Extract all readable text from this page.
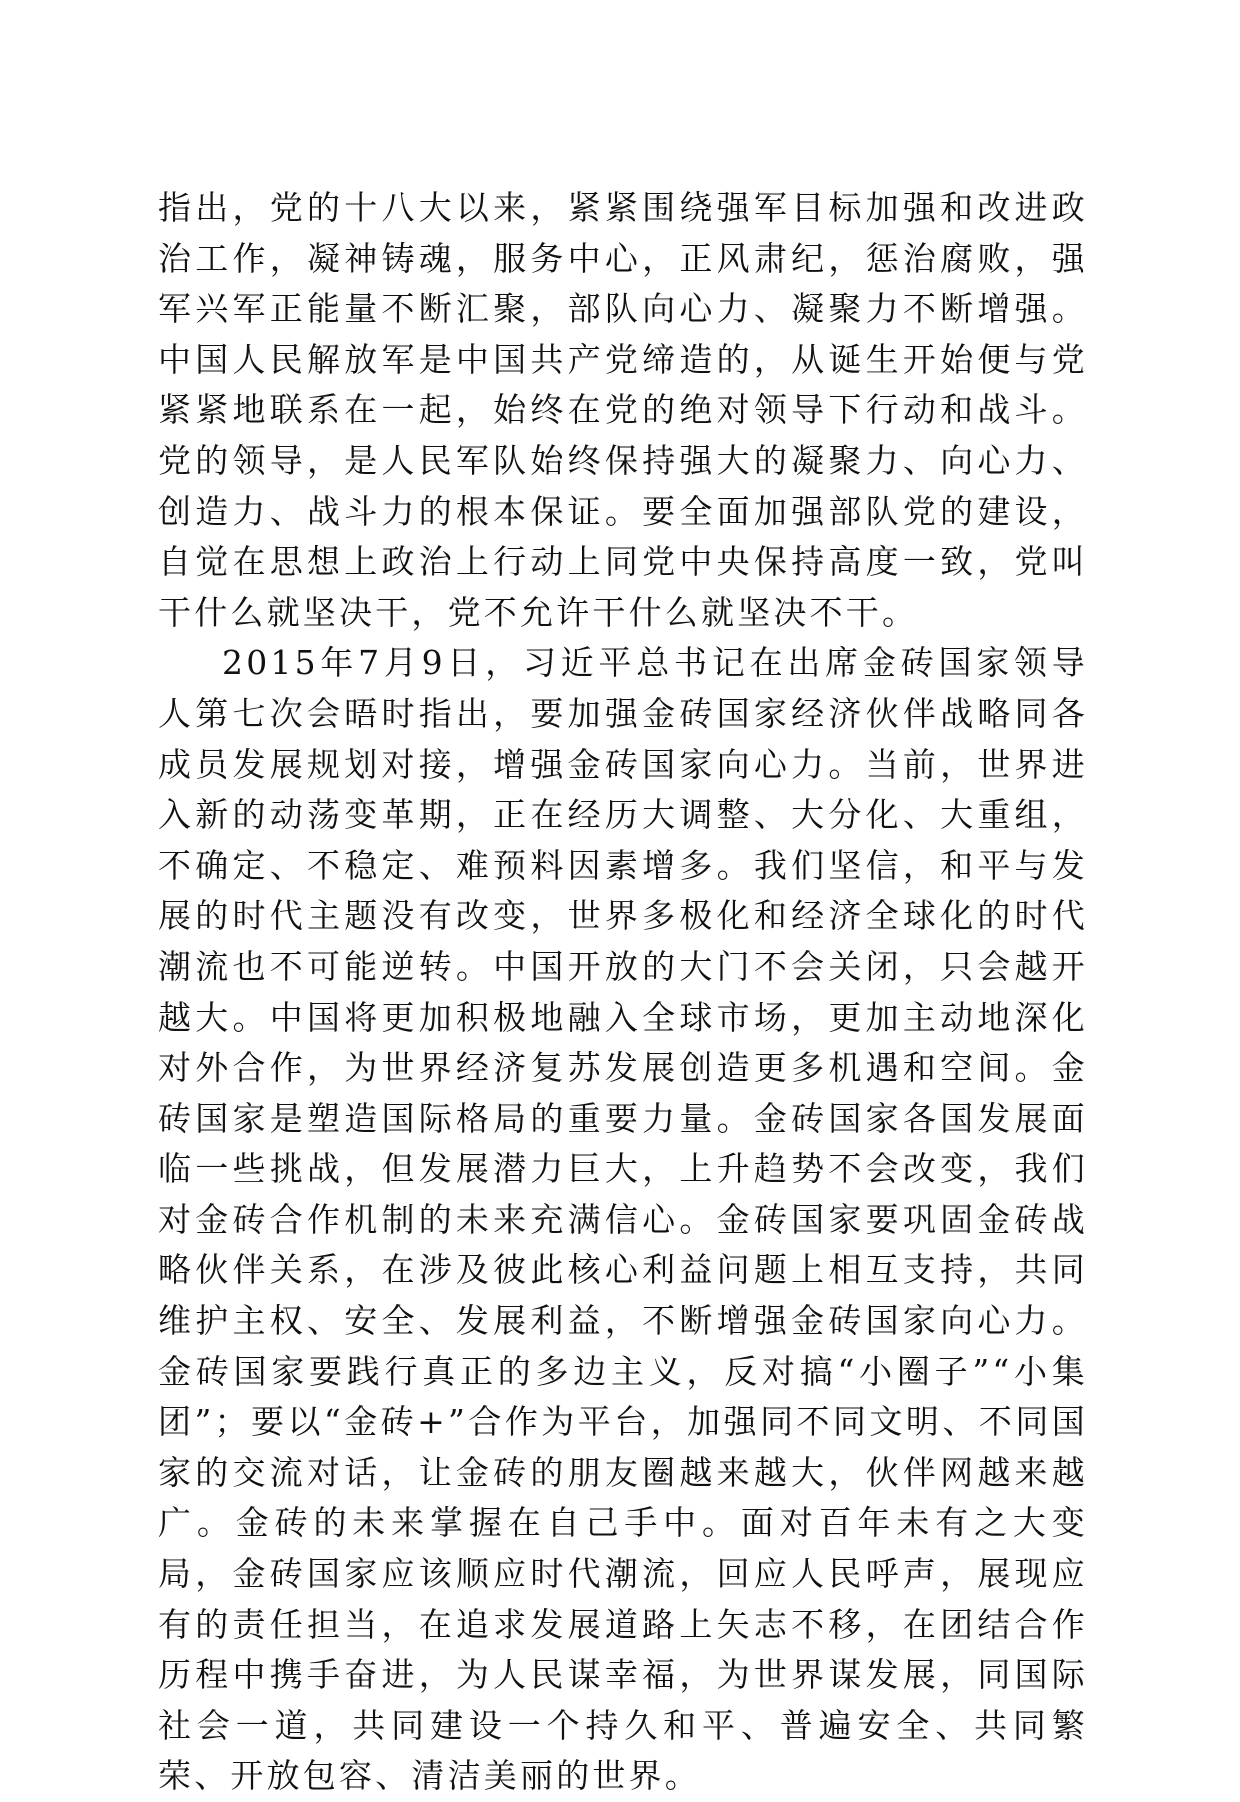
指出，党的十八大以来，紧紧围绕强军目标加强和改进政治工作，凝神铸魂，服务中心，正风肃纪，惩治腐败，强军兴军正能量不断汇聚，部队向心力、凝聚力不断增强。中国人民解放军是中国共产党缔造的，从诞生开始便与党紧紧地联系在一起，始终在党的绝对领导下行动和战斗。党的领导，是人民军队始终保持强大的凝聚力、向心力、创造力、战斗力的根本保证。要全面加强部队党的建设，自觉在思想上政治上行动上同党中央保持高度一致，党叫干什么就坚决干，党不允许干什么就坚决不干。

2015年7月9日，习近平总书记在出席金砖国家领导人第七次会晤时指出，要加强金砖国家经济伙伴战略同各成员发展规划对接，增强金砖国家向心力。当前，世界进入新的动荡变革期，正在经历大调整、大分化、大重组，不确定、不稳定、难预料因素增多。我们坚信，和平与发展的时代主题没有改变，世界多极化和经济全球化的时代潮流也不可能逆转。中国开放的大门不会关闭，只会越开越大。中国将更加积极地融入全球市场，更加主动地深化对外合作，为世界经济复苏发展创造更多机遇和空间。金砖国家是塑造国际格局的重要力量。金砖国家各国发展面临一些挑战，但发展潜力巨大，上升趋势不会改变，我们对金砖合作机制的未来充满信心。金砖国家要巩固金砖战略伙伴关系，在涉及彼此核心利益问题上相互支持，共同维护主权、安全、发展利益，不断增强金砖国家向心力。金砖国家要践行真正的多边主义，反对搞“小圈子”“小集团”；要以“金砖+”合作为平台，加强同不同文明、不同国家的交流对话，让金砖的朋友圈越来越大，伙伴网越来越广。金砖的未来掌握在自己手中。面对百年未有之大变局，金砖国家应该顺应时代潮流，回应人民呼声，展现应有的责任担当，在追求发展道路上矢志不移，在团结合作历程中携手奋进，为人民谋幸福，为世界谋发展，同国际社会一道，共同建设一个持久和平、普遍安全、共同繁荣、开放包容、清洁美丽的世界。
